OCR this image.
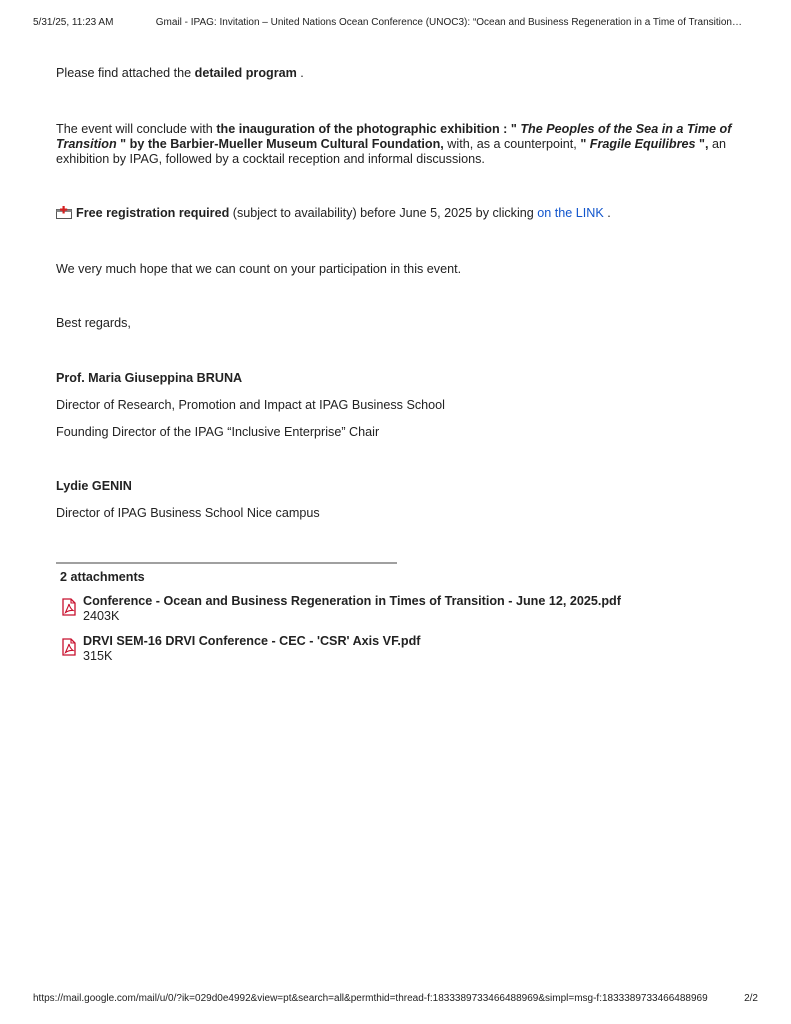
5/31/25, 11:23 AM	Gmail - IPAG: Invitation – United Nations Ocean Conference (UNOC3): “Ocean and Business Regeneration in a Time of Transition…

Please find attached the detailed program .

The event will conclude with the inauguration of the photographic exhibition : " The Peoples of the Sea in a Time of Transition " by the Barbier-Mueller Museum Cultural Foundation, with, as a counterpoint, " Fragile Equilibres ", an exhibition by IPAG, followed by a cocktail reception and informal discussions.

Free registration required (subject to availability) before June 5, 2025 by clicking on the LINK .

We very much hope that we can count on your participation in this event.

Best regards,

Prof. Maria Giuseppina BRUNA

Director of Research, Promotion and Impact at IPAG Business School

Founding Director of the IPAG “Inclusive Enterprise” Chair

Lydie GENIN

Director of IPAG Business School Nice campus

2 attachments
Conference - Ocean and Business Regeneration in Times of Transition - June 12, 2025.pdf
2403K
DRVI SEM-16 DRVI Conference - CEC - 'CSR' Axis VF.pdf
315K
https://mail.google.com/mail/u/0/?ik=029d0e4992&view=pt&search=all&permthid=thread-f:1833389733466488969&simpl=msg-f:1833389733466488969	2/2
